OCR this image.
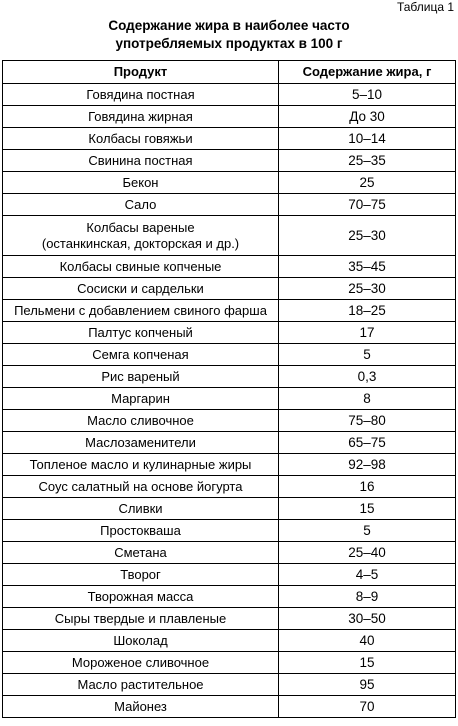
Таблица 1
Содержание жира в наиболее часто
употребляемых продуктах в 100 г
Продукт	Содержание жира, г

Говядина постная	5–10

Говядина жирная	До 30

Колбасы говяжьи	10–14

Свинина постная	25–35

Бекон	25

Сало	70–75

Колбасы вареные
(останкинская, докторская и др.)	25–30

Колбасы свиные копченые	35–45

Сосиски и сардельки	25–30

Пельмени с добавлением свиного фарша	18–25

Палтус копченый	17

Семга копченая	5

Рис вареный	0,3

Маргарин	8

Масло сливочное	75–80

Маслозаменители	65–75

Топленое масло и кулинарные жиры	92–98

Соус салатный на основе йогурта	16

Сливки	15

Простокваша	5

Сметана	25–40

Творог	4–5

Творожная масса	8–9

Сыры твердые и плавленые	30–50

Шоколад	40

Мороженое сливочное	15

Масло растительное	95

Майонез	70
